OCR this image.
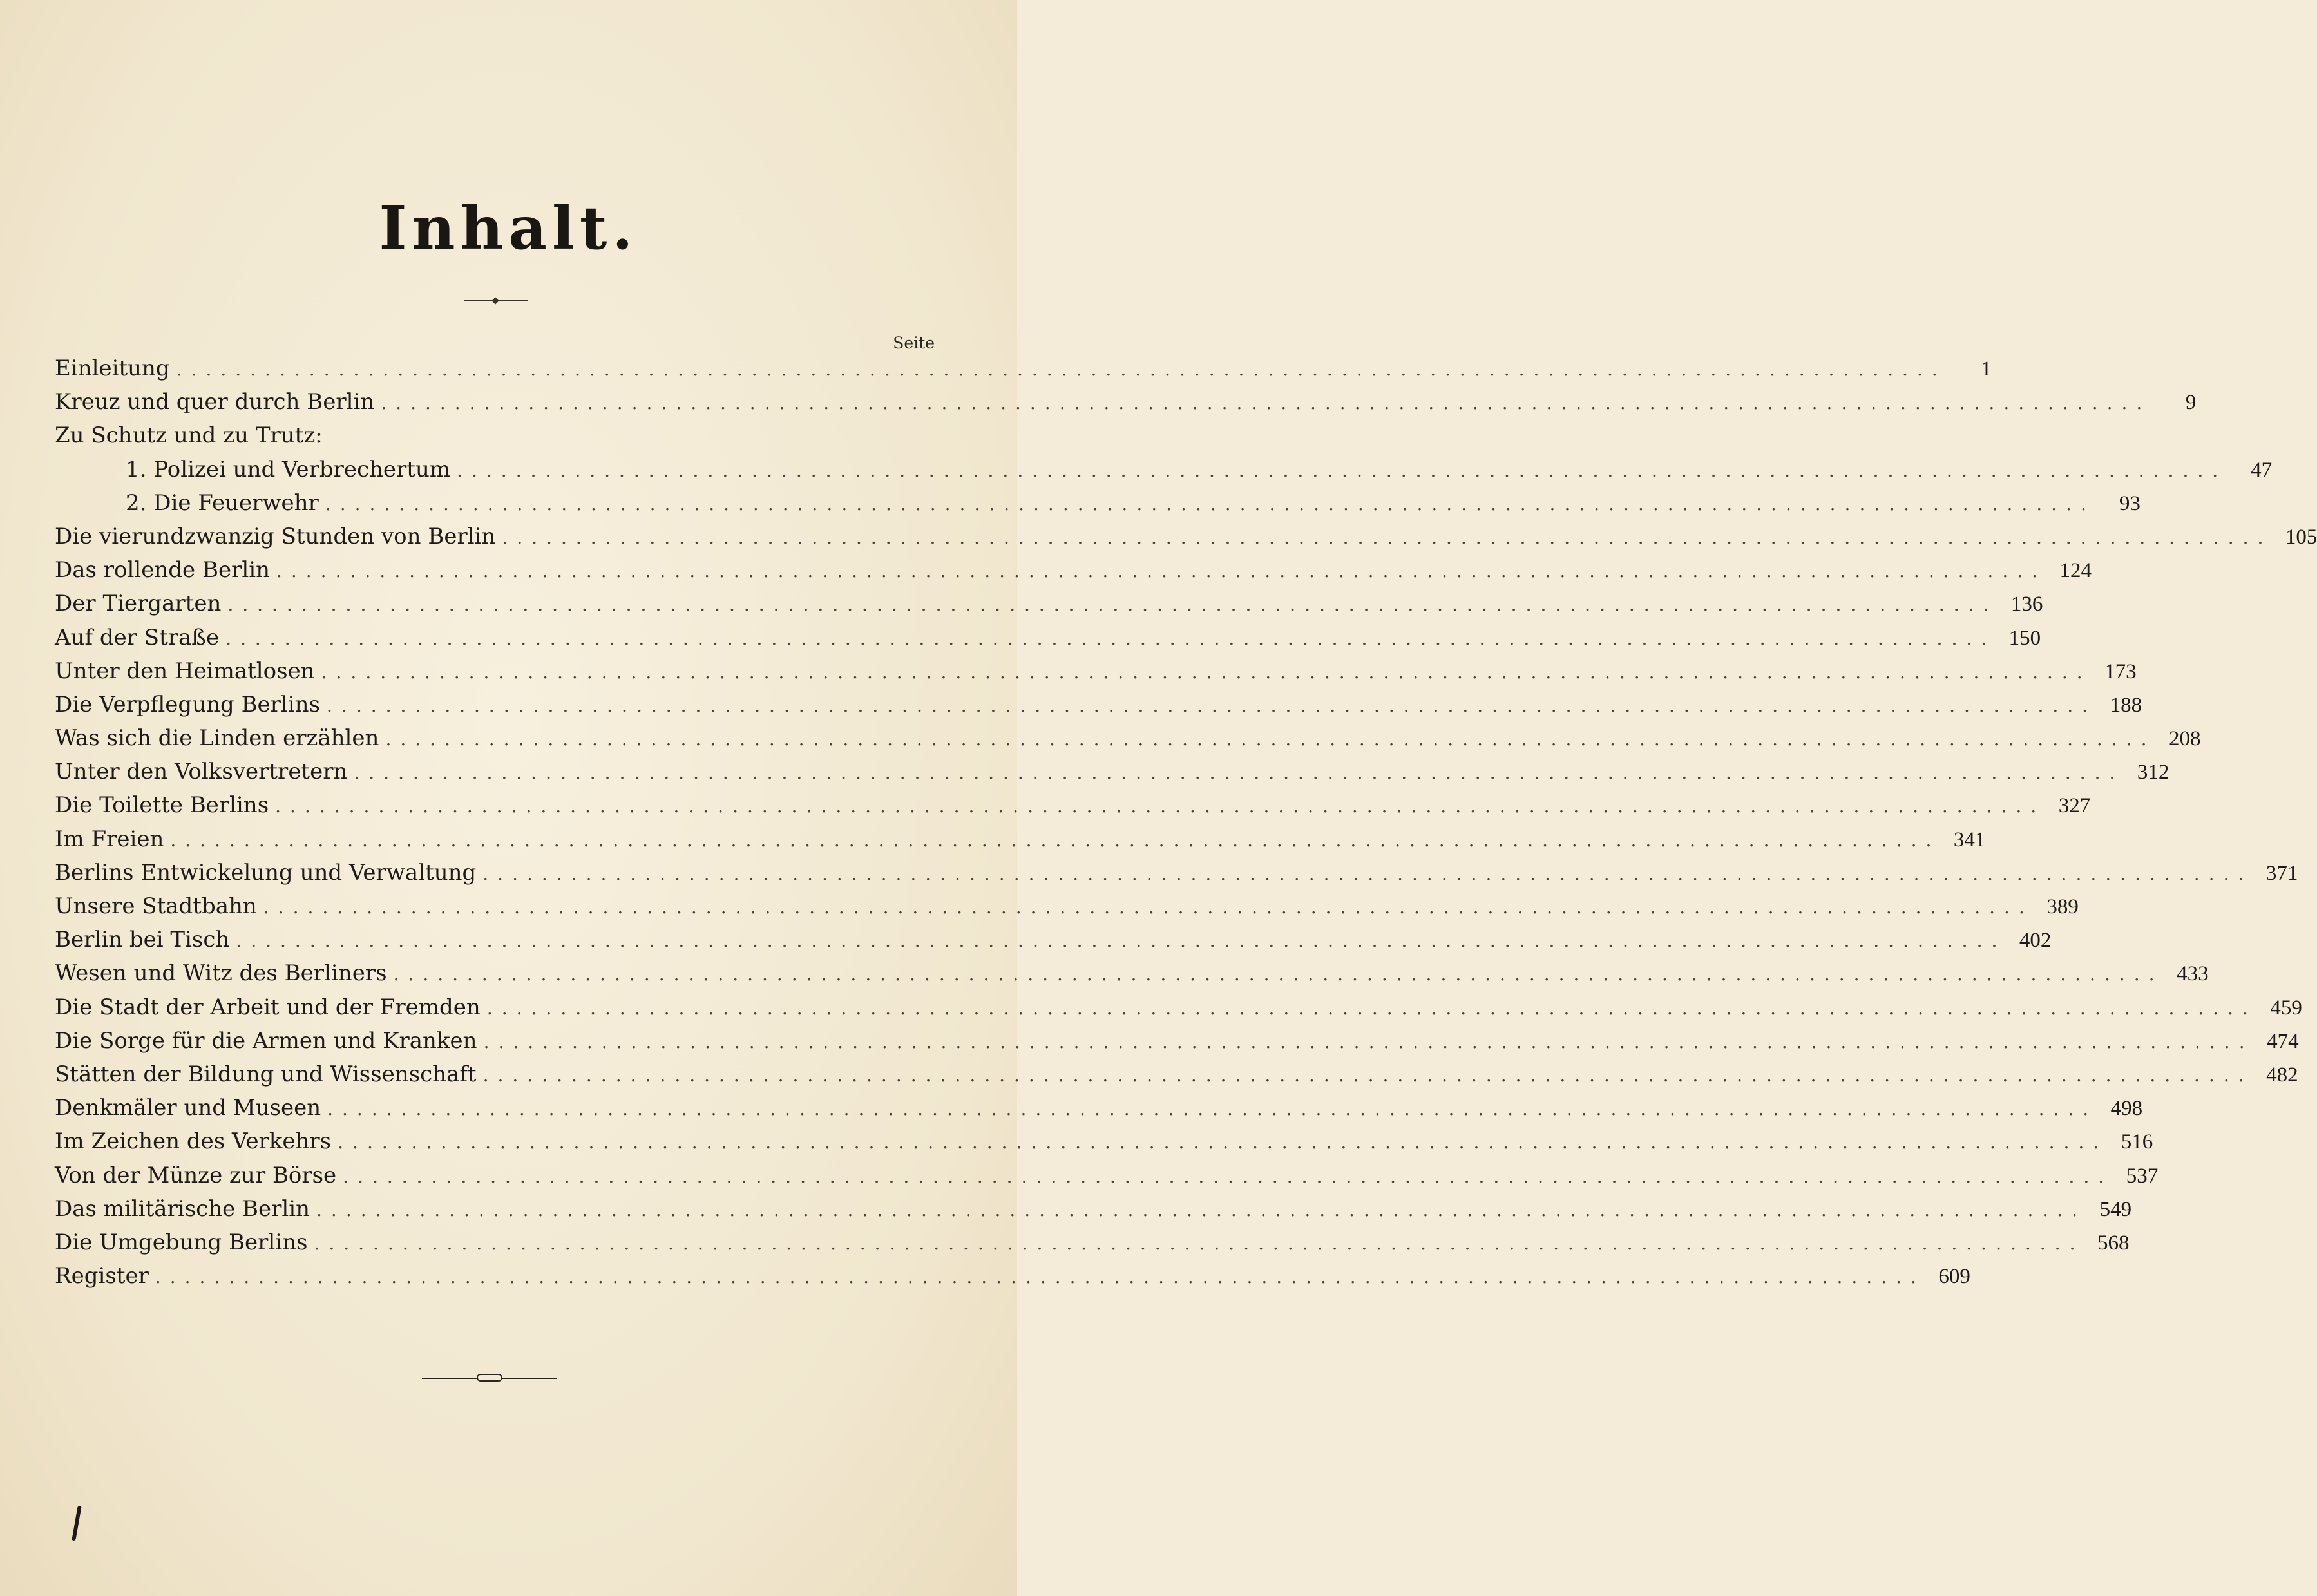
Inhalt.
Seite
Einleitung ........................................................................................................................	1
Kreuz und quer durch Berlin ........................................................................................................................	9
Zu Schutz und zu Trutz:
1. Polizei und Verbrechertum ........................................................................................................................	47
2. Die Feuerwehr ........................................................................................................................	93
Die vierundzwanzig Stunden von Berlin ........................................................................................................................ 105
Das rollende Berlin ........................................................................................................................ 124
Der Tiergarten ........................................................................................................................ 136
Auf der Straße ........................................................................................................................ 150
Unter den Heimatlosen ........................................................................................................................ 173
Die Verpflegung Berlins ........................................................................................................................ 188
Was sich die Linden erzählen ........................................................................................................................ 208
Unter den Volksvertretern ........................................................................................................................ 312
Die Toilette Berlins ........................................................................................................................ 327
Im Freien ........................................................................................................................ 341
Berlins Entwickelung und Verwaltung ........................................................................................................................ 371
Unsere Stadtbahn ........................................................................................................................ 389
Berlin bei Tisch ........................................................................................................................ 402
Wesen und Witz des Berliners ........................................................................................................................ 433
Die Stadt der Arbeit und der Fremden ........................................................................................................................ 459
Die Sorge für die Armen und Kranken ........................................................................................................................ 474
Stätten der Bildung und Wissenschaft ........................................................................................................................ 482
Denkmäler und Museen ........................................................................................................................ 498
Im Zeichen des Verkehrs ........................................................................................................................ 516
Von der Münze zur Börse ........................................................................................................................ 537
Das militärische Berlin ........................................................................................................................ 549
Die Umgebung Berlins ........................................................................................................................ 568
Register ........................................................................................................................ 609
